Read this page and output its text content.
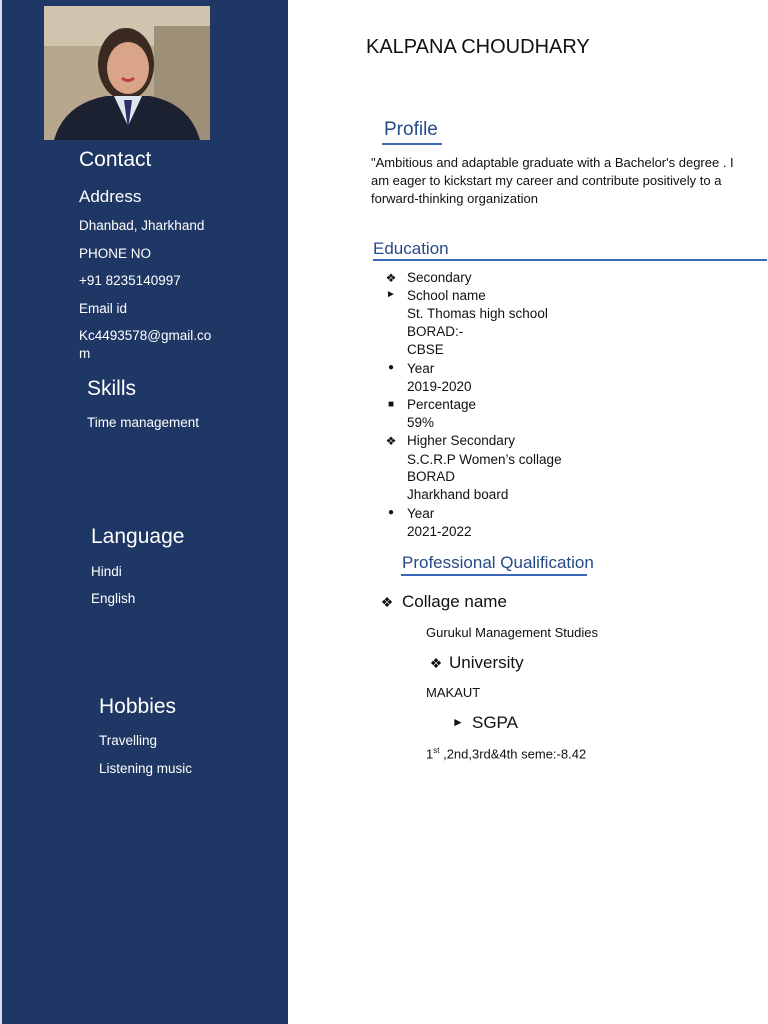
Contact
Address
Dhanbad, Jharkhand
PHONE NO
+91 8235140997
Email id
Kc4493578@gmail.co
m
Skills
Time management
Language
Hindi
English
Hobbies
Travelling
Listening music
KALPANA CHOUDHARY
Profile
"Ambitious and adaptable graduate with a Bachelor's degree . I
am eager to kickstart my career and contribute positively to a
forward-thinking organization
Education
❖ Secondary
► School name
St. Thomas high school
BORAD:-
CBSE
● Year
2019-2020
■ Percentage
59%
❖ Higher Secondary
S.C.R.P Women’s collage
BORAD
Jharkhand board
● Year
2021-2022
Professional Qualification
❖ Collage name
Gurukul Management Studies
❖ University
MAKAUT
► SGPA
1st ,2nd,3rd&4th seme:-8.42
